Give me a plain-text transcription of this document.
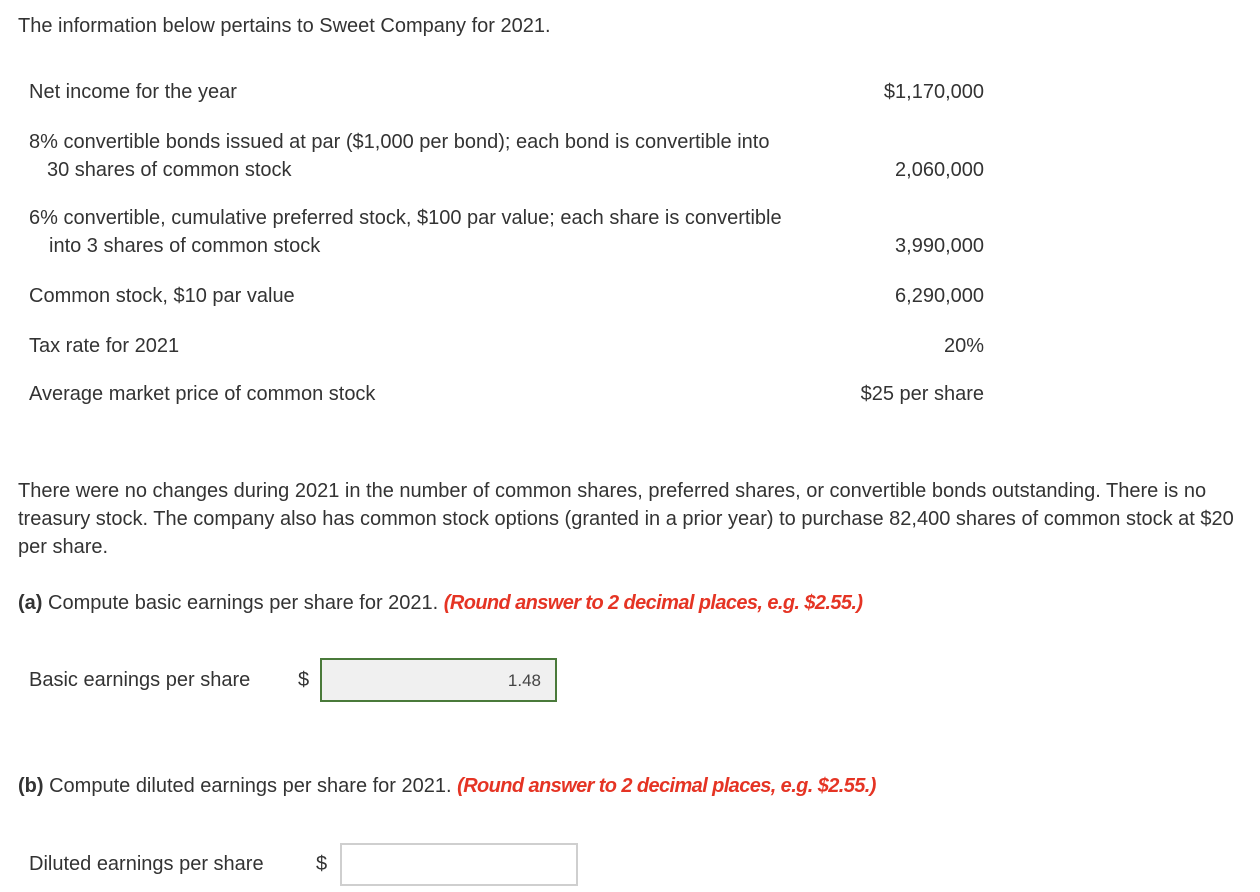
The information below pertains to Sweet Company for 2021.
Net income for the year	$1,170,000
8% convertible bonds issued at par ($1,000 per bond); each bond is convertible into
30 shares of common stock	2,060,000
6% convertible, cumulative preferred stock, $100 par value; each share is convertible
into 3 shares of common stock	3,990,000
Common stock, $10 par value	6,290,000
Tax rate for 2021	20%
Average market price of common stock	$25 per share
There were no changes during 2021 in the number of common shares, preferred shares, or convertible bonds outstanding. There is no treasury stock. The company also has common stock options (granted in a prior year) to purchase 82,400 shares of common stock at $20 per share.
(a) Compute basic earnings per share for 2021. (Round answer to 2 decimal places, e.g. $2.55.)
Basic earnings per share $	1.48
(b) Compute diluted earnings per share for 2021. (Round answer to 2 decimal places, e.g. $2.55.)
Diluted earnings per share	$
